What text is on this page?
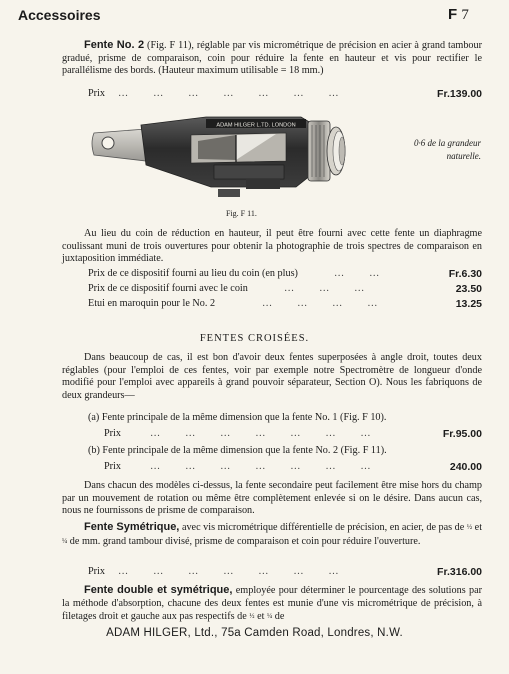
Accessoires	F 7
Fente No. 2 (Fig. F 11), réglable par vis micrométrique de précision en acier à grand tambour gradué, prisme de comparaison, coin pour réduire la fente en hauteur et vis pour rectifier le parallélisme des bords. (Hauteur maximum utilisable = 18 mm.)
Prix …        …        …        …        …        …        …	Fr.139.00
ADAM HILGER L.TD. LONDON
Fig. F 11.
0·6 de la grandeur
naturelle.
Au lieu du coin de réduction en hauteur, il peut être fourni avec cette fente un diaphragme coulissant muni de trois ouvertures pour obtenir la photographie de trois spectres de comparaison en juxtaposition immédiate.
Prix de ce dispositif fourni au lieu du coin (en plus)	…        …	Fr.6.30
Prix de ce dispositif fourni avec le coin	…        …        …	23.50
Etui en maroquin pour le No. 2	…        …        …        …	13.25
FENTES CROISÉES.
Dans beaucoup de cas, il est bon d'avoir deux fentes superposées à angle droit, toutes deux réglables (pour l'emploi de ces fentes, voir par exemple notre Spectromètre de longueur d'onde modifié pour l'emploi avec appareils à grand pouvoir séparateur, Section O). Nous les fabriquons de deux grandeurs—
(a) Fente principale de la même dimension que la fente No. 1 (Fig. F 10).
Prix	…        …        …        …        …        …        …	Fr.95.00
(b) Fente principale de la même dimension que la fente No. 2 (Fig. F 11).
Prix	…        …        …        …        …        …        …	240.00
Dans chacun des modèles ci-dessus, la fente secondaire peut facilement être mise hors du champ par un mouvement de rotation ou même être complètement enlevée si on le désire. Dans aucun cas, nous ne fournissons de prisme de comparaison.
Fente Symétrique, avec vis micrométrique différentielle de précision, en acier, de pas de ½ et ¼ de mm. grand tambour divisé, prisme de comparaison et coin pour réduire l'ouverture.
Prix …        …        …        …        …        …        …	Fr.316.00
Fente double et symétrique, employée pour déterminer le pourcentage des solutions par la méthode d'absorption, chacune des deux fentes est munie d'une vis micrométrique de précision, à filetages droit et gauche aux pas respectifs de ½ et ¼ de
ADAM HILGER, Ltd., 75a Camden Road, Londres, N.W.
